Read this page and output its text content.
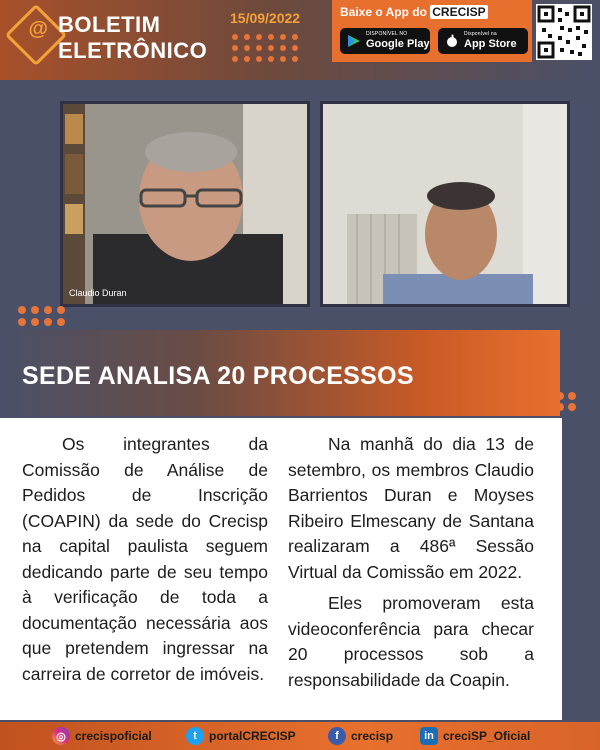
@
BOLETIM
ELETRÔNICO
15/09/2022	Baixe o App do CRECISP
DISPONÍVEL NO
Google Play
Disponível na
App Store
Claudio Duran
SEDE ANALISA 20 PROCESSOS

Os integrantes da Comissão de Análise de Pedidos de Inscrição (COAPIN) da sede do Crecisp na capital paulista seguem dedicando parte de seu tempo à verificação de toda a documentação necessária aos que pretendem ingressar na carreira de corretor de imóveis.

Na manhã do dia 13 de setembro, os membros Claudio Barrientos Duran e Moyses Ribeiro Elmescany de Santana realizaram a 486ª Sessão Virtual da Comissão em 2022.

Eles promoveram esta videoconferência para checar 20 processos sob a responsabilidade da Coapin.

◎ crecispoficial	t	portalCRECISP	f	crecisp	in creciSP_Oficial
